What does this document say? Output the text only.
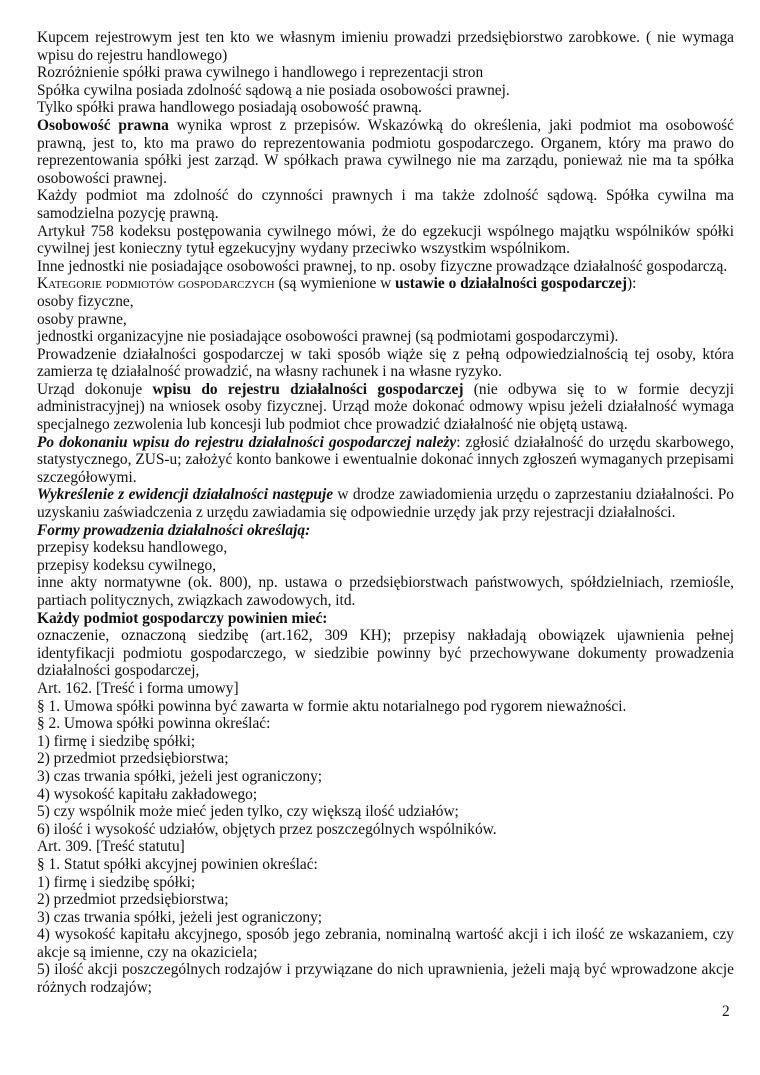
Kupcem rejestrowym jest ten kto we własnym imieniu prowadzi przedsiębiorstwo zarobkowe. ( nie wymaga wpisu do rejestru handlowego)

Rozróżnienie spółki prawa cywilnego i handlowego i reprezentacji stron

Spółka cywilna posiada zdolność sądową a nie posiada osobowości prawnej.

Tylko spółki prawa handlowego posiadają osobowość prawną.

Osobowość prawna wynika wprost z przepisów. Wskazówką do określenia, jaki podmiot ma osobowość prawną, jest to, kto ma prawo do reprezentowania podmiotu gospodarczego. Organem, który ma prawo do reprezentowania spółki jest zarząd. W spółkach prawa cywilnego nie ma zarządu, ponieważ nie ma ta spółka osobowości prawnej.

Każdy podmiot ma zdolność do czynności prawnych i ma także zdolność sądową. Spółka cywilna ma samodzielna pozycję prawną.

Artykuł 758 kodeksu postępowania cywilnego mówi, że do egzekucji wspólnego majątku wspólników spółki cywilnej jest konieczny tytuł egzekucyjny wydany przeciwko wszystkim wspólnikom.

Inne jednostki nie posiadające osobowości prawnej, to np. osoby fizyczne prowadzące działalność gospodarczą.

Kategorie podmiotów gospodarczych (są wymienione w ustawie o działalności gospodarczej):

osoby fizyczne,

osoby prawne,

jednostki organizacyjne nie posiadające osobowości prawnej (są podmiotami gospodarczymi).

Prowadzenie działalności gospodarczej w taki sposób wiąże się z pełną odpowiedzialnością tej osoby, która zamierza tę działalność prowadzić, na własny rachunek i na własne ryzyko.

Urząd dokonuje wpisu do rejestru działalności gospodarczej (nie odbywa się to w formie decyzji administracyjnej) na wniosek osoby fizycznej. Urząd może dokonać odmowy wpisu jeżeli działalność wymaga specjalnego zezwolenia lub koncesji lub podmiot chce prowadzić działalność nie objętą ustawą.

Po dokonaniu wpisu do rejestru działalności gospodarczej należy: zgłosić działalność do urzędu skarbowego, statystycznego, ZUS-u; założyć konto bankowe i ewentualnie dokonać innych zgłoszeń wymaganych przepisami szczegółowymi.

Wykreślenie z ewidencji działalności następuje w drodze zawiadomienia urzędu o zaprzestaniu działalności. Po uzyskaniu zaświadczenia z urzędu zawiadamia się odpowiednie urzędy jak przy rejestracji działalności.

Formy prowadzenia działalności określają:

przepisy kodeksu handlowego,

przepisy kodeksu cywilnego,

inne akty normatywne (ok. 800), np. ustawa o przedsiębiorstwach państwowych, spółdzielniach, rzemiośle, partiach politycznych, związkach zawodowych, itd.

Każdy podmiot gospodarczy powinien mieć:

oznaczenie, oznaczoną siedzibę (art.162, 309 KH); przepisy nakładają obowiązek ujawnienia pełnej identyfikacji podmiotu gospodarczego, w siedzibie powinny być przechowywane dokumenty prowadzenia działalności gospodarczej,

Art. 162. [Treść i forma umowy]

§ 1. Umowa spółki powinna być zawarta w formie aktu notarialnego pod rygorem nieważności.

§ 2. Umowa spółki powinna określać:

1) firmę i siedzibę spółki;

2) przedmiot przedsiębiorstwa;

3) czas trwania spółki, jeżeli jest ograniczony;

4) wysokość kapitału zakładowego;

5) czy wspólnik może mieć jeden tylko, czy większą ilość udziałów;

6) ilość i wysokość udziałów, objętych przez poszczególnych wspólników.

Art. 309. [Treść statutu]

§ 1. Statut spółki akcyjnej powinien określać:

1) firmę i siedzibę spółki;

2) przedmiot przedsiębiorstwa;

3) czas trwania spółki, jeżeli jest ograniczony;

4) wysokość kapitału akcyjnego, sposób jego zebrania, nominalną wartość akcji i ich ilość ze wskazaniem, czy akcje są imienne, czy na okaziciela;

5) ilość akcji poszczególnych rodzajów i przywiązane do nich uprawnienia, jeżeli mają być wprowadzone akcje różnych rodzajów;

2
